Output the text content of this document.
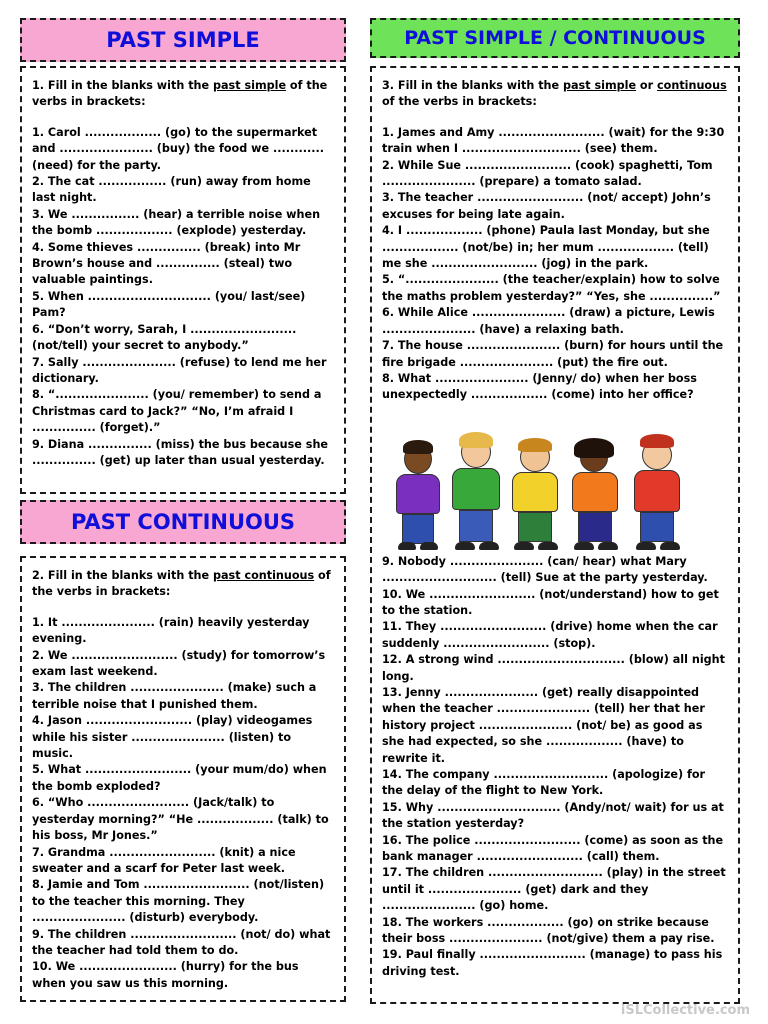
PAST SIMPLE
1. Fill in the blanks with the past simple of the verbs in brackets:
1. Carol .................. (go) to the supermarket and ...................... (buy) the food we ............ (need) for the party.
2. The cat ................ (run) away from home last night.
3. We ................ (hear) a terrible noise when the bomb .................. (explode) yesterday.
4. Some thieves ............... (break) into Mr Brown’s house and ............... (steal) two valuable paintings.
5. When ............................. (you/ last/see) Pam?
6. “Don’t worry, Sarah, I ......................... (not/tell) your secret to anybody.”
7. Sally ...................... (refuse) to lend me her dictionary.
8. “...................... (you/ remember) to send a Christmas card to Jack?” “No, I’m afraid I ............... (forget).”
9. Diana ............... (miss) the bus because she ............... (get) up later than usual yesterday.
PAST CONTINUOUS
2. Fill in the blanks with the past continuous of the verbs in brackets:
1. It ...................... (rain) heavily yesterday evening.
2. We ......................... (study) for tomorrow’s exam last weekend.
3. The children ...................... (make) such a terrible noise that I punished them.
4. Jason ......................... (play) videogames while his sister ...................... (listen) to music.
5. What ......................... (your mum/do) when the bomb exploded?
6. “Who ........................ (Jack/talk) to yesterday morning?” “He .................. (talk) to his boss, Mr Jones.”
7. Grandma ......................... (knit) a nice sweater and a scarf for Peter last week.
8. Jamie and Tom ......................... (not/listen) to the teacher this morning. They ...................... (disturb) everybody.
9. The children ......................... (not/ do) what the teacher had told them to do.
10. We ....................... (hurry) for the bus when you saw us this morning.
PAST SIMPLE / CONTINUOUS
3. Fill in the blanks with the past simple or continuous of the verbs in brackets:
1. James and Amy ......................... (wait) for the 9:30 train when I ............................ (see) them.
2. While Sue ......................... (cook) spaghetti, Tom ...................... (prepare) a tomato salad.
3. The teacher ......................... (not/ accept) John’s excuses for being late again.
4. I .................. (phone) Paula last Monday, but she .................. (not/be) in; her mum .................. (tell) me she ......................... (jog) in the park.
5. “...................... (the teacher/explain) how to solve the maths problem yesterday?” “Yes, she ...............”
6. While Alice ...................... (draw) a picture, Lewis ...................... (have) a relaxing bath.
7. The house ...................... (burn) for hours until the fire brigade ...................... (put) the fire out.
8. What ...................... (Jenny/ do) when her boss unexpectedly .................. (come) into her office?
9. Nobody ...................... (can/ hear) what Mary ........................... (tell) Sue at the party yesterday.
10. We ......................... (not/understand) how to get to the station.
11. They ......................... (drive) home when the car suddenly ......................... (stop).
12. A strong wind .............................. (blow) all night long.
13. Jenny ...................... (get) really disappointed when the teacher ...................... (tell) her that her history project ...................... (not/ be) as good as she had expected, so she .................. (have) to rewrite it.
14. The company ........................... (apologize) for the delay of the flight to New York.
15. Why ............................. (Andy/not/ wait) for us at the station yesterday?
16. The police ......................... (come) as soon as the bank manager ......................... (call) them.
17. The children ........................... (play) in the street until it ...................... (get) dark and they ...................... (go) home.
18. The workers .................. (go) on strike because their boss ...................... (not/give) them a pay rise.
19. Paul finally ......................... (manage) to pass his driving test.
iSLCollective.com
